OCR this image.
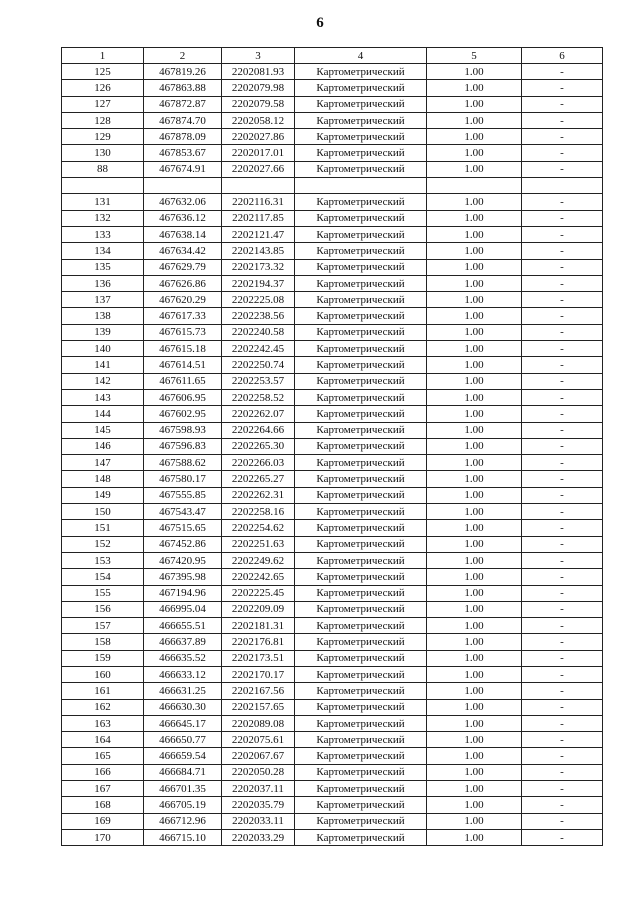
6
1	2	3	4	5	6
125	467819.26	2202081.93	Картометрический	1.00	-
126	467863.88	2202079.98	Картометрический	1.00	-
127	467872.87	2202079.58	Картометрический	1.00	-
128	467874.70	2202058.12	Картометрический	1.00	-
129	467878.09	2202027.86	Картометрический	1.00	-
130	467853.67	2202017.01	Картометрический	1.00	-
88	467674.91	2202027.66	Картометрический	1.00	-

131	467632.06	2202116.31	Картометрический	1.00	-
132	467636.12	2202117.85	Картометрический	1.00	-
133	467638.14	2202121.47	Картометрический	1.00	-
134	467634.42	2202143.85	Картометрический	1.00	-
135	467629.79	2202173.32	Картометрический	1.00	-
136	467626.86	2202194.37	Картометрический	1.00	-
137	467620.29	2202225.08	Картометрический	1.00	-
138	467617.33	2202238.56	Картометрический	1.00	-
139	467615.73	2202240.58	Картометрический	1.00	-
140	467615.18	2202242.45	Картометрический	1.00	-
141	467614.51	2202250.74	Картометрический	1.00	-
142	467611.65	2202253.57	Картометрический	1.00	-
143	467606.95	2202258.52	Картометрический	1.00	-
144	467602.95	2202262.07	Картометрический	1.00	-
145	467598.93	2202264.66	Картометрический	1.00	-
146	467596.83	2202265.30	Картометрический	1.00	-
147	467588.62	2202266.03	Картометрический	1.00	-
148	467580.17	2202265.27	Картометрический	1.00	-
149	467555.85	2202262.31	Картометрический	1.00	-
150	467543.47	2202258.16	Картометрический	1.00	-
151	467515.65	2202254.62	Картометрический	1.00	-
152	467452.86	2202251.63	Картометрический	1.00	-
153	467420.95	2202249.62	Картометрический	1.00	-
154	467395.98	2202242.65	Картометрический	1.00	-
155	467194.96	2202225.45	Картометрический	1.00	-
156	466995.04	2202209.09	Картометрический	1.00	-
157	466655.51	2202181.31	Картометрический	1.00	-
158	466637.89	2202176.81	Картометрический	1.00	-
159	466635.52	2202173.51	Картометрический	1.00	-
160	466633.12	2202170.17	Картометрический	1.00	-
161	466631.25	2202167.56	Картометрический	1.00	-
162	466630.30	2202157.65	Картометрический	1.00	-
163	466645.17	2202089.08	Картометрический	1.00	-
164	466650.77	2202075.61	Картометрический	1.00	-
165	466659.54	2202067.67	Картометрический	1.00	-
166	466684.71	2202050.28	Картометрический	1.00	-
167	466701.35	2202037.11	Картометрический	1.00	-
168	466705.19	2202035.79	Картометрический	1.00	-
169	466712.96	2202033.11	Картометрический	1.00	-
170	466715.10	2202033.29	Картометрический	1.00	-
